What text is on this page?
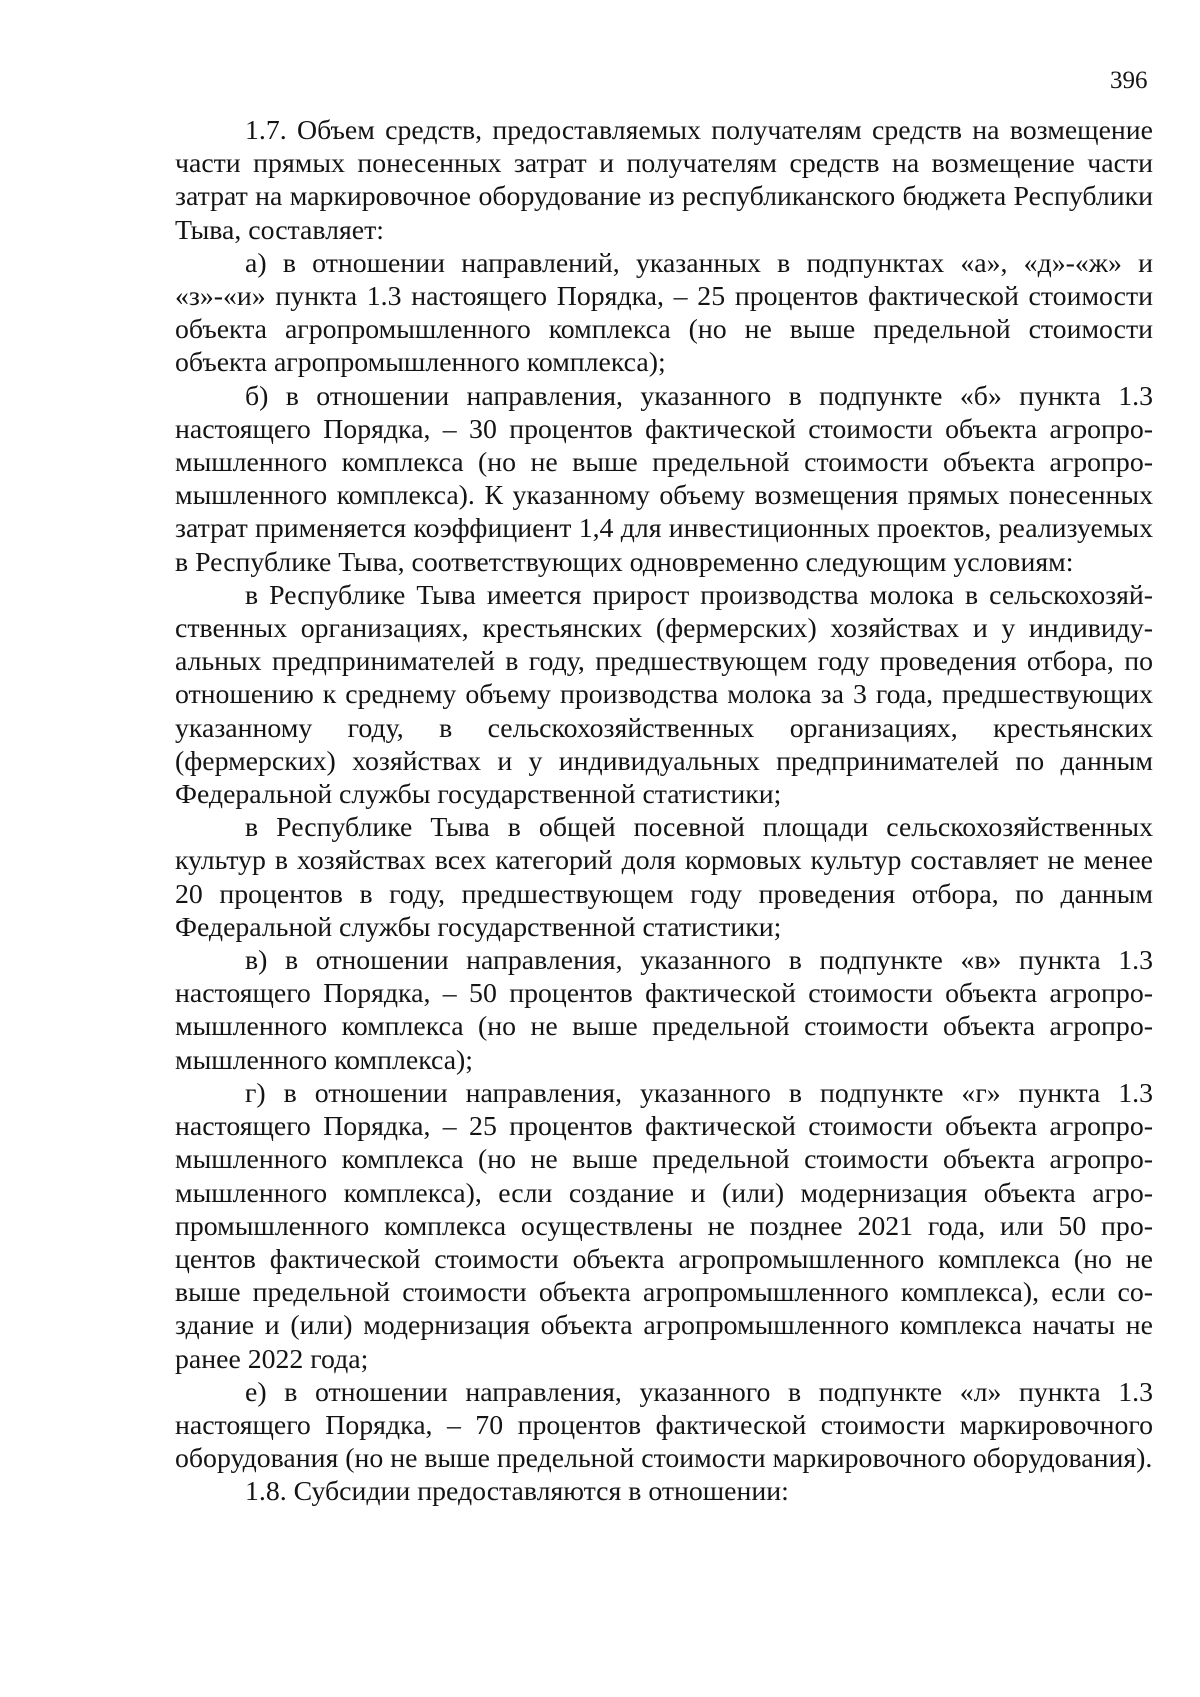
396

1.7. Объем средств, предоставляемых получателям средств на возмещение части прямых понесенных затрат и получателям средств на возмещение части затрат на маркировочное оборудование из республиканского бюджета Республики Тыва, составляет:

а) в отношении направлений, указанных в подпунктах «а», «д»-«ж» и «з»-«и» пункта 1.3 настоящего Порядка, – 25 процентов фактической стоимости объекта агропромышленного комплекса (но не выше предельной стоимости объекта агропромышленного комплекса);

б) в отношении направления, указанного в подпункте «б» пункта 1.3 настоящего Порядка, – 30 процентов фактической стоимости объекта агропромышленного комплекса (но не выше предельной стоимости объекта агропромышленного комплекса). К указанному объему возмещения прямых понесенных затрат применяется коэффициент 1,4 для инвестиционных проектов, реализуемых в Республике Тыва, соответствующих одновременно следующим условиям:

в Республике Тыва имеется прирост производства молока в сельскохозяйственных организациях, крестьянских (фермерских) хозяйствах и у индивидуальных предпринимателей в году, предшествующем году проведения отбора, по отношению к среднему объему производства молока за 3 года, предшествующих указанному году, в сельскохозяйственных организациях, крестьянских (фермерских) хозяйствах и у индивидуальных предпринимателей по данным Федеральной службы государственной статистики;

в Республике Тыва в общей посевной площади сельскохозяйственных культур в хозяйствах всех категорий доля кормовых культур составляет не менее 20 процентов в году, предшествующем году проведения отбора, по данным Федеральной службы государственной статистики;

в) в отношении направления, указанного в подпункте «в» пункта 1.3 настоящего Порядка, – 50 процентов фактической стоимости объекта агропромышленного комплекса (но не выше предельной стоимости объекта агропромышленного комплекса);

г) в отношении направления, указанного в подпункте «г» пункта 1.3 настоящего Порядка, – 25 процентов фактической стоимости объекта агропромышленного комплекса (но не выше предельной стоимости объекта агропромышленного комплекса), если создание и (или) модернизация объекта агропромышленного комплекса осуществлены не позднее 2021 года, или 50 процентов фактической стоимости объекта агропромышленного комплекса (но не выше предельной стоимости объекта агропромышленного комплекса), если создание и (или) модернизация объекта агропромышленного комплекса начаты не ранее 2022 года;

е) в отношении направления, указанного в подпункте «л» пункта 1.3 настоящего Порядка, – 70 процентов фактической стоимости маркировочного оборудования (но не выше предельной стоимости маркировочного оборудования).

1.8. Субсидии предоставляются в отношении:
